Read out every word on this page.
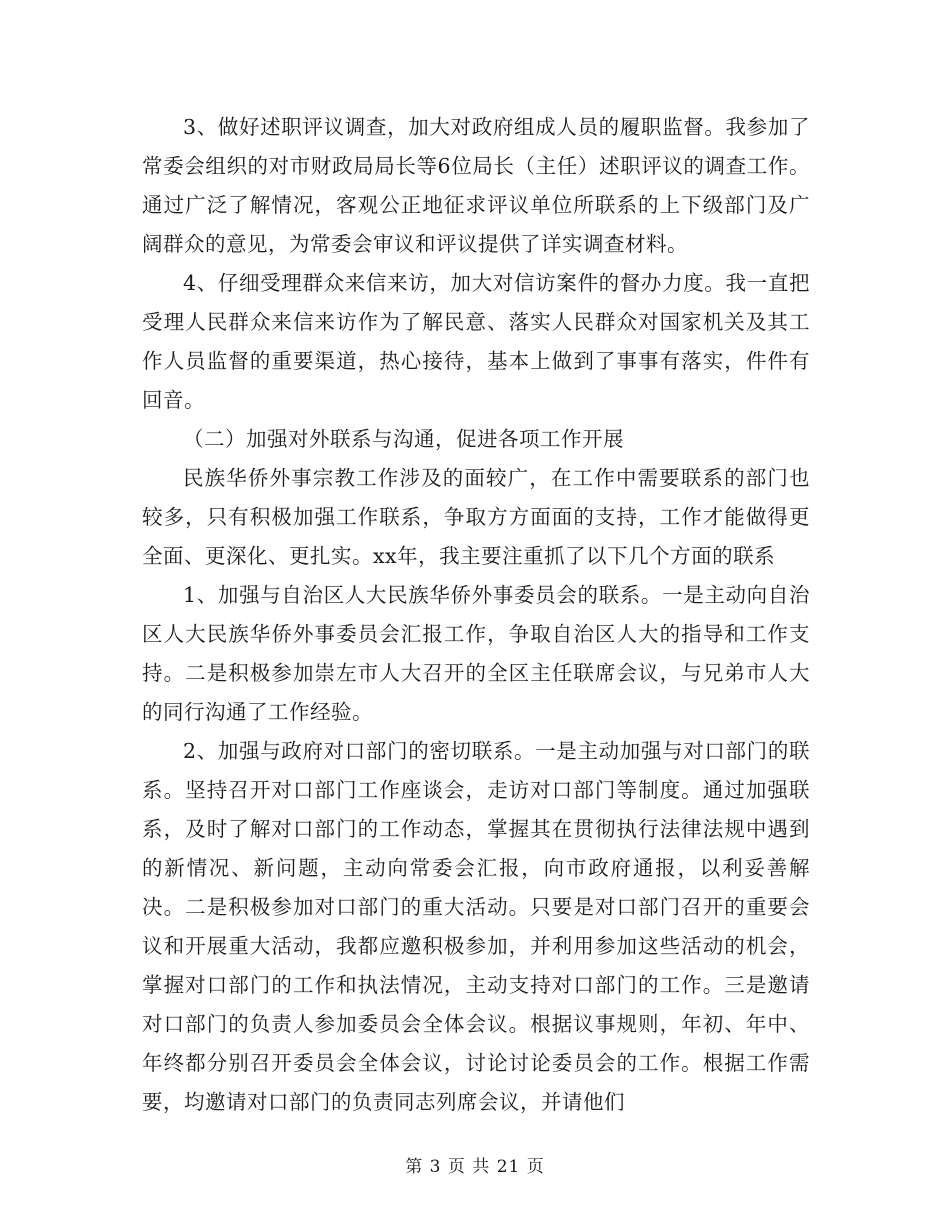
3、做好述职评议调查，加大对政府组成人员的履职监督。我参加了常委会组织的对市财政局局长等6位局长（主任）述职评议的调查工作。通过广泛了解情况，客观公正地征求评议单位所联系的上下级部门及广阔群众的意见，为常委会审议和评议提供了详实调查材料。

4、仔细受理群众来信来访，加大对信访案件的督办力度。我一直把受理人民群众来信来访作为了解民意、落实人民群众对国家机关及其工作人员监督的重要渠道，热心接待，基本上做到了事事有落实，件件有回音。

（二）加强对外联系与沟通，促进各项工作开展

民族华侨外事宗教工作涉及的面较广，在工作中需要联系的部门也较多，只有积极加强工作联系，争取方方面面的支持，工作才能做得更全面、更深化、更扎实。xx年，我主要注重抓了以下几个方面的联系

1、加强与自治区人大民族华侨外事委员会的联系。一是主动向自治区人大民族华侨外事委员会汇报工作，争取自治区人大的指导和工作支持。二是积极参加崇左市人大召开的全区主任联席会议，与兄弟市人大的同行沟通了工作经验。

2、加强与政府对口部门的密切联系。一是主动加强与对口部门的联系。坚持召开对口部门工作座谈会，走访对口部门等制度。通过加强联系，及时了解对口部门的工作动态，掌握其在贯彻执行法律法规中遇到的新情况、新问题，主动向常委会汇报，向市政府通报，以利妥善解决。二是积极参加对口部门的重大活动。只要是对口部门召开的重要会议和开展重大活动，我都应邀积极参加，并利用参加这些活动的机会，掌握对口部门的工作和执法情况，主动支持对口部门的工作。三是邀请对口部门的负责人参加委员会全体会议。根据议事规则，年初、年中、年终都分别召开委员会全体会议，讨论讨论委员会的工作。根据工作需要，均邀请对口部门的负责同志列席会议，并请他们

第 3 页 共 21 页
